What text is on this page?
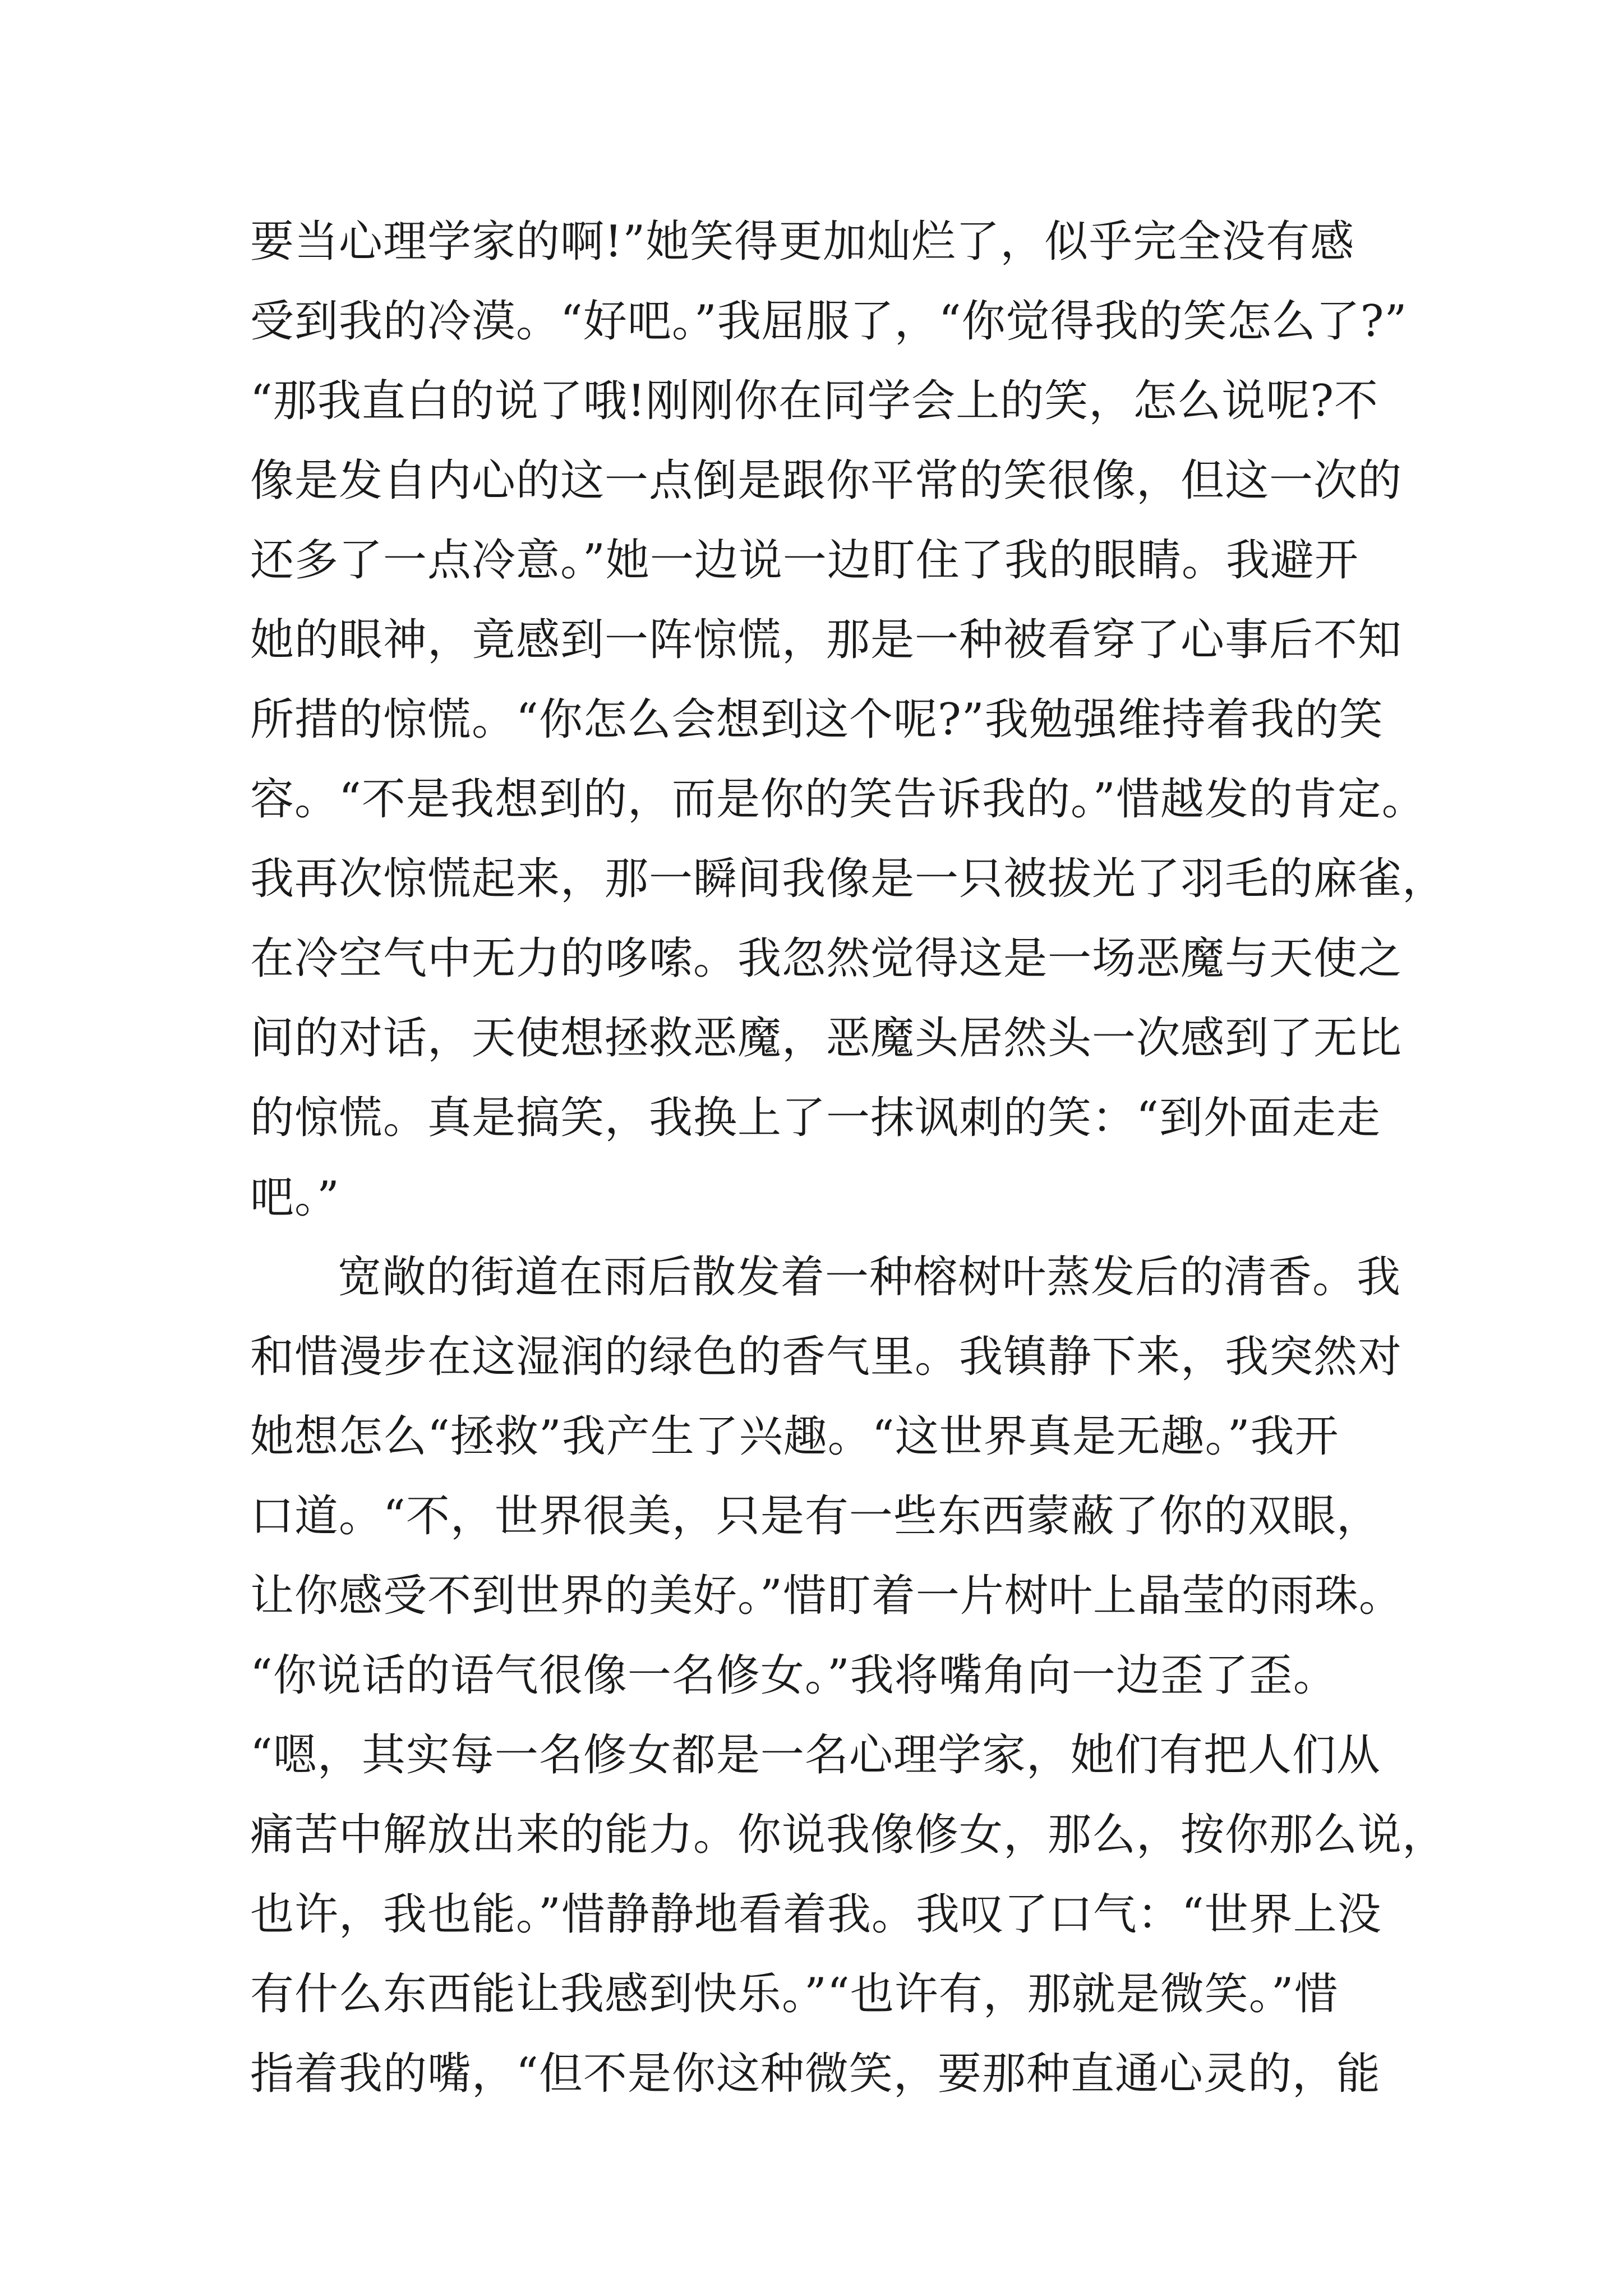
要当心理学家的啊!”她笑得更加灿烂了，似乎完全没有感
受到我的冷漠。“好吧。”我屈服了，“你觉得我的笑怎么了?”
“那我直白的说了哦!刚刚你在同学会上的笑，怎么说呢?不
像是发自内心的这一点倒是跟你平常的笑很像，但这一次的
还多了一点冷意。”她一边说一边盯住了我的眼睛。我避开
她的眼神，竟感到一阵惊慌，那是一种被看穿了心事后不知
所措的惊慌。“你怎么会想到这个呢?”我勉强维持着我的笑
容。“不是我想到的，而是你的笑告诉我的。”惜越发的肯定。
我再次惊慌起来，那一瞬间我像是一只被拔光了羽毛的麻雀，
在冷空气中无力的哆嗦。我忽然觉得这是一场恶魔与天使之
间的对话，天使想拯救恶魔，恶魔头居然头一次感到了无比
的惊慌。真是搞笑，我换上了一抹讽刺的笑：“到外面走走
吧。”
宽敞的街道在雨后散发着一种榕树叶蒸发后的清香。我
和惜漫步在这湿润的绿色的香气里。我镇静下来，我突然对
她想怎么“拯救”我产生了兴趣。“这世界真是无趣。”我开
口道。“不，世界很美，只是有一些东西蒙蔽了你的双眼，
让你感受不到世界的美好。”惜盯着一片树叶上晶莹的雨珠。
“你说话的语气很像一名修女。”我将嘴角向一边歪了歪。
“嗯，其实每一名修女都是一名心理学家，她们有把人们从
痛苦中解放出来的能力。你说我像修女，那么，按你那么说，
也许，我也能。”惜静静地看着我。我叹了口气：“世界上没
有什么东西能让我感到快乐。”“也许有，那就是微笑。”惜
指着我的嘴，“但不是你这种微笑，要那种直通心灵的，能
